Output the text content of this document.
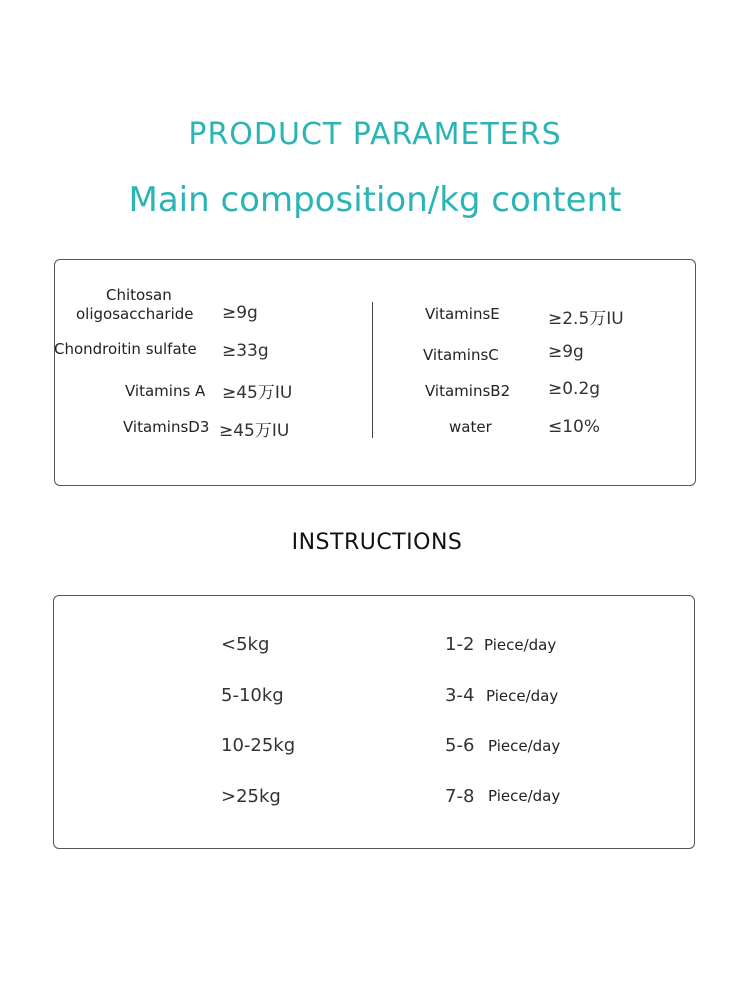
PRODUCT PARAMETERS
Main composition/kg content
Chitosan
oligosaccharide ≥9g
Chondroitin sulfate ≥33g
Vitamins A ≥45万IU
VitaminsD3 ≥45万IU
VitaminsE	≥2.5万IU
VitaminsC	≥9g
VitaminsB2 ≥0.2g
water	≤10%
INSTRUCTIONS
<5kg	1-2 Piece/day
5-10kg	3-4 Piece/day
10-25kg	5-6 Piece/day
>25kg	7-8 Piece/day
